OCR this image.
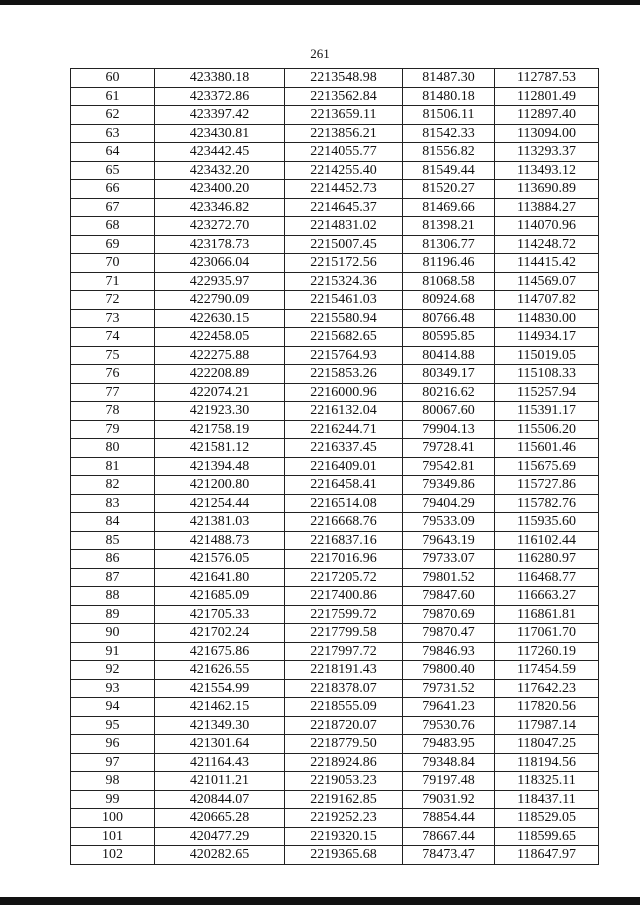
261
60	423380.18	2213548.98	81487.30	112787.53
61	423372.86	2213562.84	81480.18	112801.49
62	423397.42	2213659.11	81506.11	112897.40
63	423430.81	2213856.21	81542.33	113094.00
64	423442.45	2214055.77	81556.82	113293.37
65	423432.20	2214255.40	81549.44	113493.12
66	423400.20	2214452.73	81520.27	113690.89
67	423346.82	2214645.37	81469.66	113884.27
68	423272.70	2214831.02	81398.21	114070.96
69	423178.73	2215007.45	81306.77	114248.72
70	423066.04	2215172.56	81196.46	114415.42
71	422935.97	2215324.36	81068.58	114569.07
72	422790.09	2215461.03	80924.68	114707.82
73	422630.15	2215580.94	80766.48	114830.00
74	422458.05	2215682.65	80595.85	114934.17
75	422275.88	2215764.93	80414.88	115019.05
76	422208.89	2215853.26	80349.17	115108.33
77	422074.21	2216000.96	80216.62	115257.94
78	421923.30	2216132.04	80067.60	115391.17
79	421758.19	2216244.71	79904.13	115506.20
80	421581.12	2216337.45	79728.41	115601.46
81	421394.48	2216409.01	79542.81	115675.69
82	421200.80	2216458.41	79349.86	115727.86
83	421254.44	2216514.08	79404.29	115782.76
84	421381.03	2216668.76	79533.09	115935.60
85	421488.73	2216837.16	79643.19	116102.44
86	421576.05	2217016.96	79733.07	116280.97
87	421641.80	2217205.72	79801.52	116468.77
88	421685.09	2217400.86	79847.60	116663.27
89	421705.33	2217599.72	79870.69	116861.81
90	421702.24	2217799.58	79870.47	117061.70
91	421675.86	2217997.72	79846.93	117260.19
92	421626.55	2218191.43	79800.40	117454.59
93	421554.99	2218378.07	79731.52	117642.23
94	421462.15	2218555.09	79641.23	117820.56
95	421349.30	2218720.07	79530.76	117987.14
96	421301.64	2218779.50	79483.95	118047.25
97	421164.43	2218924.86	79348.84	118194.56
98	421011.21	2219053.23	79197.48	118325.11
99	420844.07	2219162.85	79031.92	118437.11
100	420665.28	2219252.23	78854.44	118529.05
101	420477.29	2219320.15	78667.44	118599.65
102	420282.65	2219365.68	78473.47	118647.97
